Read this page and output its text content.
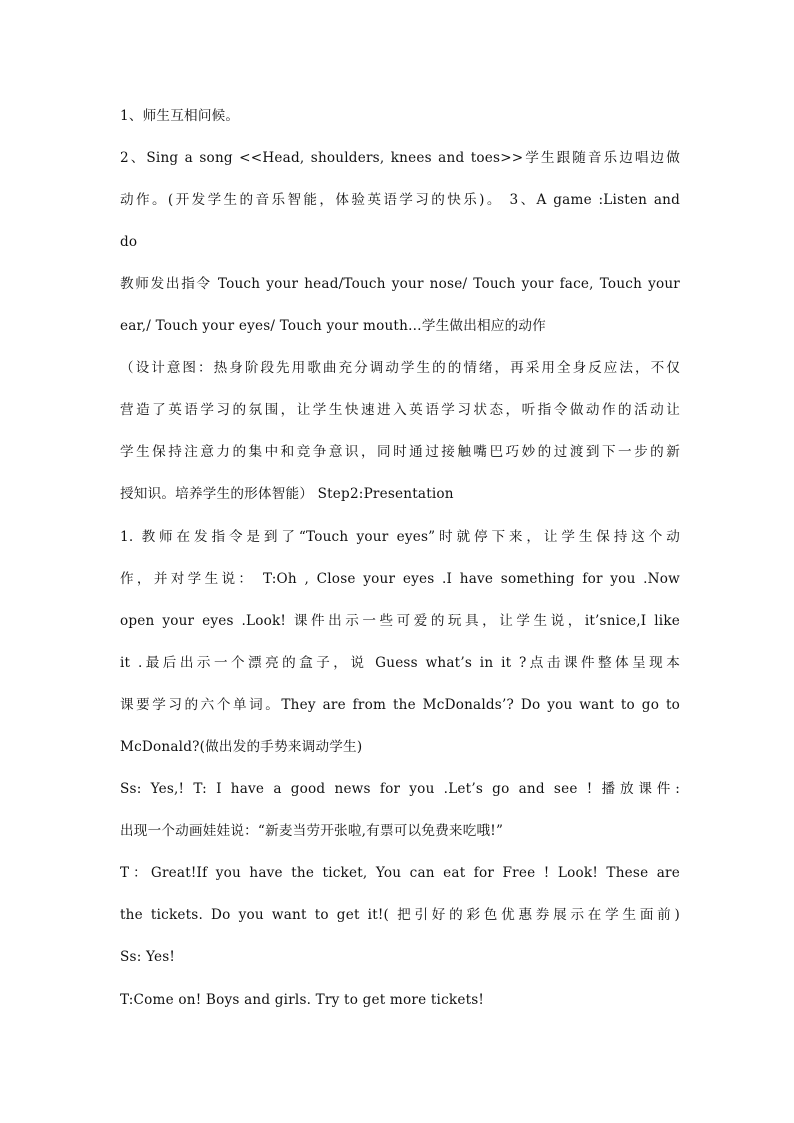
1、师生互相问候。
2、Sing a song <<Head, shoulders, knees and toes>>学生跟随音乐边唱边做
动作。(开发学生的音乐智能，体验英语学习的快乐)。 3、A game :Listen and
do
教师发出指令 Touch your head/Touch your nose/ Touch your face, Touch your
ear,/ Touch your eyes/ Touch your mouth…学生做出相应的动作
（设计意图：热身阶段先用歌曲充分调动学生的的情绪，再采用全身反应法，不仅
营造了英语学习的氛围，让学生快速进入英语学习状态，听指令做动作的活动让
学生保持注意力的集中和竞争意识，同时通过接触嘴巴巧妙的过渡到下一步的新
授知识。培养学生的形体智能） Step2:Presentation
1. 教师在发指令是到了“Touch your eyes”时就停下来，让学生保持这个动
作，并对学生说： T:Oh , Close your eyes .I have something for you .Now
open your eyes .Look! 课件出示一些可爱的玩具，让学生说，it’snice,I like
it .最后出示一个漂亮的盒子，说 Guess what’s in it ?点击课件整体呈现本
课要学习的六个单词。They are from the McDonalds’? Do you want to go to
McDonald?(做出发的手势来调动学生)
Ss: Yes,! T: I have a good news for you .Let’s go and see ! 播放课件:
出现一个动画娃娃说：“新麦当劳开张啦,有票可以免费来吃哦!”
T：Great!If you have the ticket, You can eat for Free ! Look! These are
the tickets. Do you want to get it!( 把引好的彩色优惠券展示在学生面前)
Ss: Yes!
T:Come on! Boys and girls. Try to get more tickets!
